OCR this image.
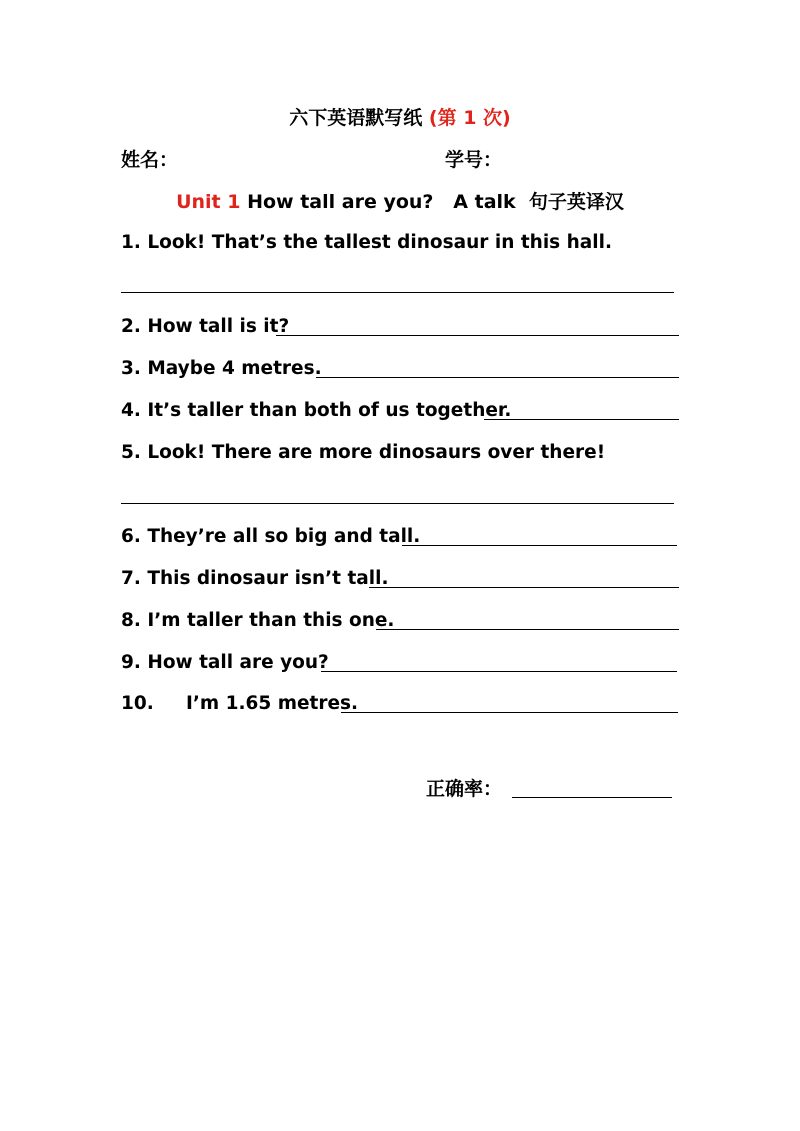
六下英语默写纸 (第 1 次)
姓名：	学号：
Unit 1 How tall are you?   A talk  句子英译汉
1. Look! That’s the tallest dinosaur in this hall.
2. How tall is it?
3. Maybe 4 metres.
4. It’s taller than both of us together.
5. Look! There are more dinosaurs over there!
6. They’re all so big and tall.
7. This dinosaur isn’t tall.
8. I’m taller than this one.
9. How tall are you?
10.     I’m 1.65 metres.
正确率：
